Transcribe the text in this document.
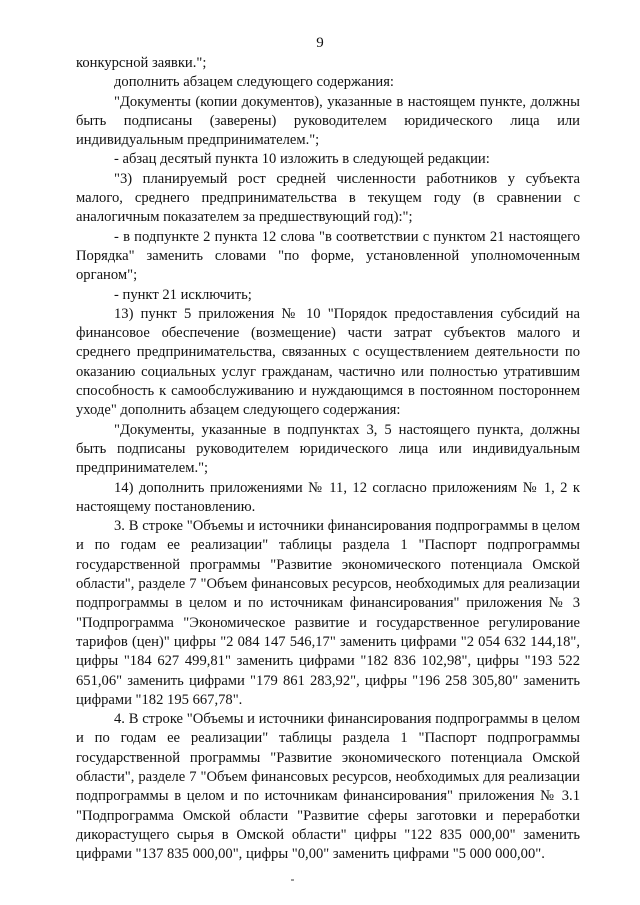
9

конкурсной заявки.";

дополнить абзацем следующего содержания:

"Документы (копии документов), указанные в настоящем пункте, должны быть подписаны (заверены) руководителем юридического лица или индивидуальным предпринимателем.";

- абзац десятый пункта 10 изложить в следующей редакции:

"3) планируемый рост средней численности работников у субъекта малого, среднего предпринимательства в текущем году (в сравнении с аналогичным показателем за предшествующий год):";

- в подпункте 2 пункта 12 слова "в соответствии с пунктом 21 настоящего Порядка" заменить словами "по форме, установленной уполномоченным органом";

- пункт 21 исключить;

13) пункт 5 приложения № 10 "Порядок предоставления субсидий на финансовое обеспечение (возмещение) части затрат субъектов малого и среднего предпринимательства, связанных с осуществлением деятельности по оказанию социальных услуг гражданам, частично или полностью утратившим способность к самообслуживанию и нуждающимся в постоянном постороннем уходе" дополнить абзацем следующего содержания:

"Документы, указанные в подпунктах 3, 5 настоящего пункта, должны быть подписаны руководителем юридического лица или индивидуальным предпринимателем.";

14) дополнить приложениями № 11, 12 согласно приложениям № 1, 2 к настоящему постановлению.

3. В строке "Объемы и источники финансирования подпрограммы в целом и по годам ее реализации" таблицы раздела 1 "Паспорт подпрограммы государственной программы "Развитие экономического потенциала Омской области", разделе 7 "Объем финансовых ресурсов, необходимых для реализации подпрограммы в целом и по источникам финансирования" приложения № 3 "Подпрограмма "Экономическое развитие и государственное регулирование тарифов (цен)" цифры "2 084 147 546,17" заменить цифрами "2 054 632 144,18", цифры "184 627 499,81" заменить цифрами "182 836 102,98", цифры "193 522 651,06" заменить цифрами "179 861 283,92", цифры "196 258 305,80" заменить цифрами "182 195 667,78".

4. В строке "Объемы и источники финансирования подпрограммы в целом и по годам ее реализации" таблицы раздела 1 "Паспорт подпрограммы государственной программы "Развитие экономического потенциала Омской области", разделе 7 "Объем финансовых ресурсов, необходимых для реализации подпрограммы в целом и по источникам финансирования" приложения № 3.1 "Подпрограмма Омской области "Развитие сферы заготовки и переработки дикорастущего сырья в Омской области" цифры "122 835 000,00" заменить цифрами "137 835 000,00", цифры "0,00" заменить цифрами "5 000 000,00".
